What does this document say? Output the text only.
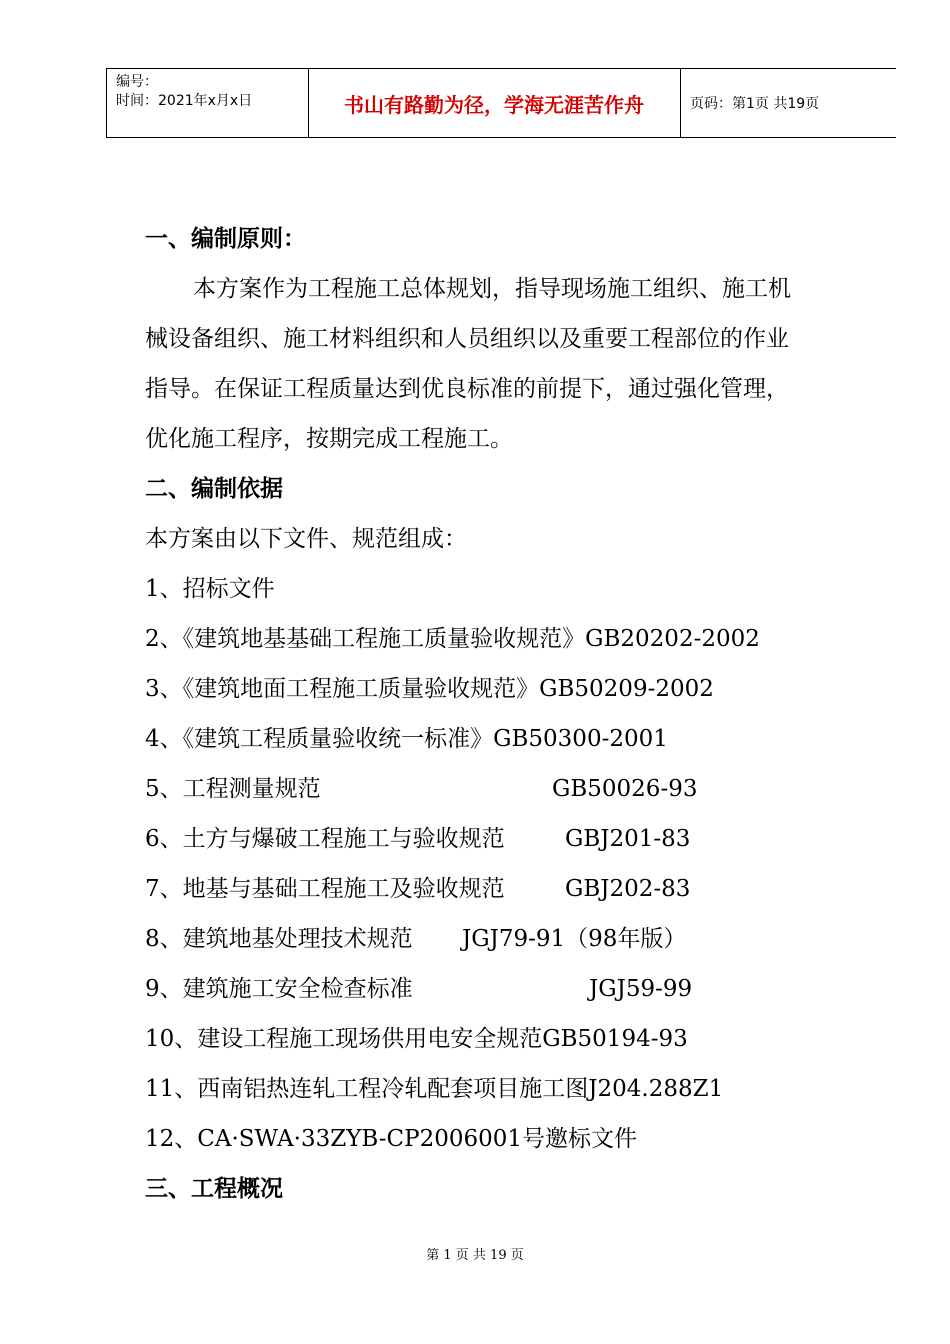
编号：
时间：2021年x月x日	书山有路勤为径，学海无涯苦作舟	页码：第1页 共19页
一、编制原则：
本方案作为工程施工总体规划，指导现场施工组织、施工机
械设备组织、施工材料组织和人员组织以及重要工程部位的作业
指导。在保证工程质量达到优良标准的前提下，通过强化管理，
优化施工程序，按期完成工程施工。
二、编制依据
本方案由以下文件、规范组成：
1、招标文件
2、《建筑地基基础工程施工质量验收规范》GB20202-2002
3、《建筑地面工程施工质量验收规范》GB50209-2002
4、《建筑工程质量验收统一标准》GB50300-2001
5、工程测量规范	GB50026-93
6、土方与爆破工程施工与验收规范	GBJ201-83
7、地基与基础工程施工及验收规范	GBJ202-83
8、建筑地基处理技术规范 JGJ79-91（98年版）
9、建筑施工安全检查标准	JGJ59-99
10、建设工程施工现场供用电安全规范GB50194-93
11、西南铝热连轧工程冷轧配套项目施工图J204.288Z1
12、CA·SWA·33ZYB-CP2006001号邀标文件
三、工程概况
第 1 页 共 19 页
